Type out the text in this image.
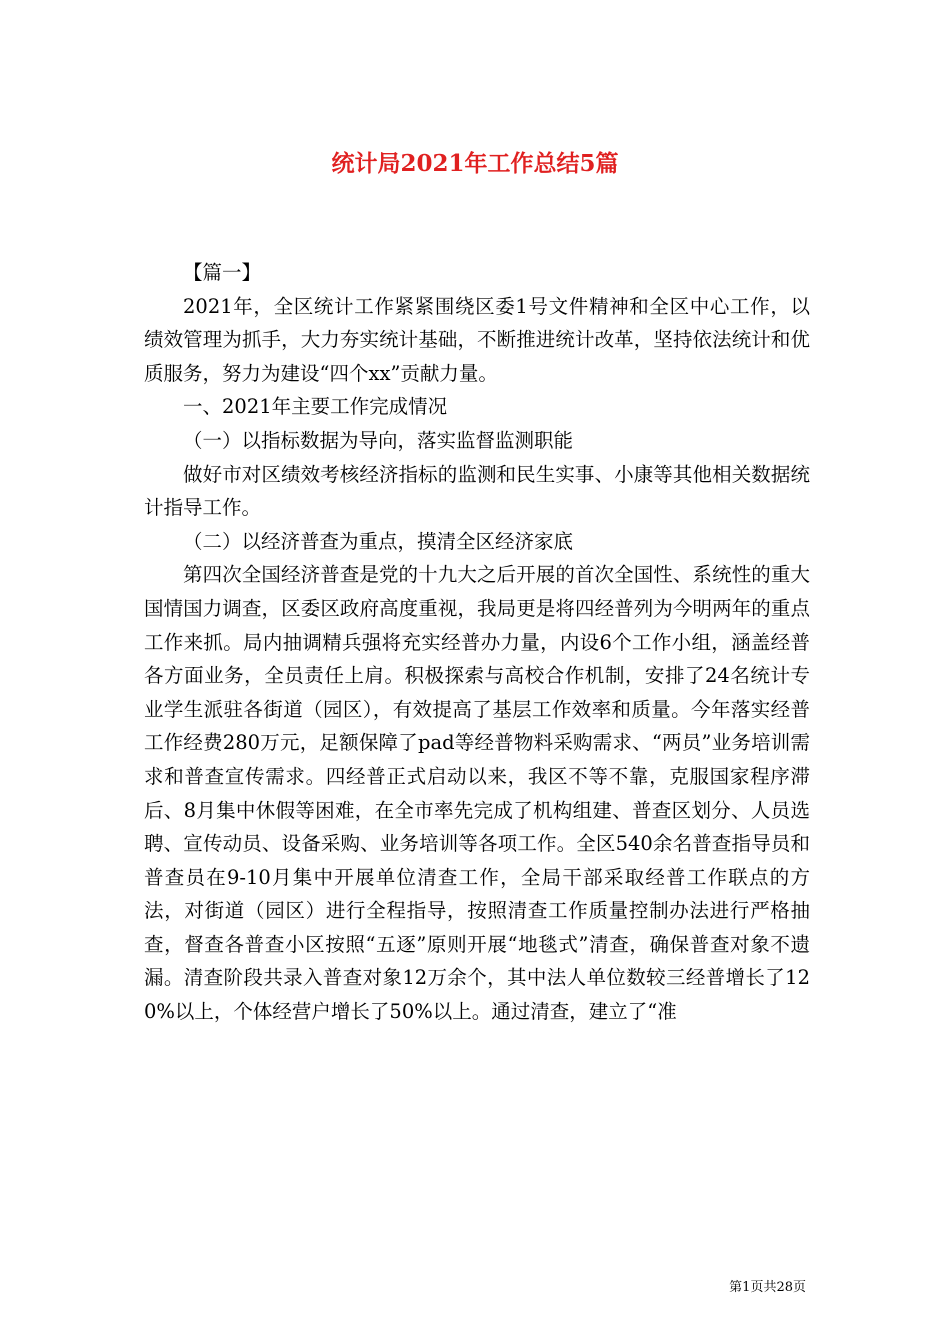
统计局2021年工作总结5篇

【篇一】

2021年，全区统计工作紧紧围绕区委1号文件精神和全区中心工作，以绩效管理为抓手，大力夯实统计基础，不断推进统计改革，坚持依法统计和优质服务，努力为建设“四个xx”贡献力量。

一、2021年主要工作完成情况

（一）以指标数据为导向，落实监督监测职能

做好市对区绩效考核经济指标的监测和民生实事、小康等其他相关数据统计指导工作。

（二）以经济普查为重点，摸清全区经济家底

第四次全国经济普查是党的十九大之后开展的首次全国性、系统性的重大国情国力调查，区委区政府高度重视，我局更是将四经普列为今明两年的重点工作来抓。局内抽调精兵强将充实经普办力量，内设6个工作小组，涵盖经普各方面业务，全员责任上肩。积极探索与高校合作机制，安排了24名统计专业学生派驻各街道（园区），有效提高了基层工作效率和质量。今年落实经普工作经费280万元，足额保障了pad等经普物料采购需求、“两员”业务培训需求和普查宣传需求。四经普正式启动以来，我区不等不靠，克服国家程序滞后、8月集中休假等困难，在全市率先完成了机构组建、普查区划分、人员选聘、宣传动员、设备采购、业务培训等各项工作。全区540余名普查指导员和普查员在9-10月集中开展单位清查工作，全局干部采取经普工作联点的方法，对街道（园区）进行全程指导，按照清查工作质量控制办法进行严格抽查，督查各普查小区按照“五逐”原则开展“地毯式”清查，确保普查对象不遗漏。清查阶段共录入普查对象12万余个，其中法人单位数较三经普增长了120%以上，个体经营户增长了50%以上。通过清查，建立了“准

第1页共28页
